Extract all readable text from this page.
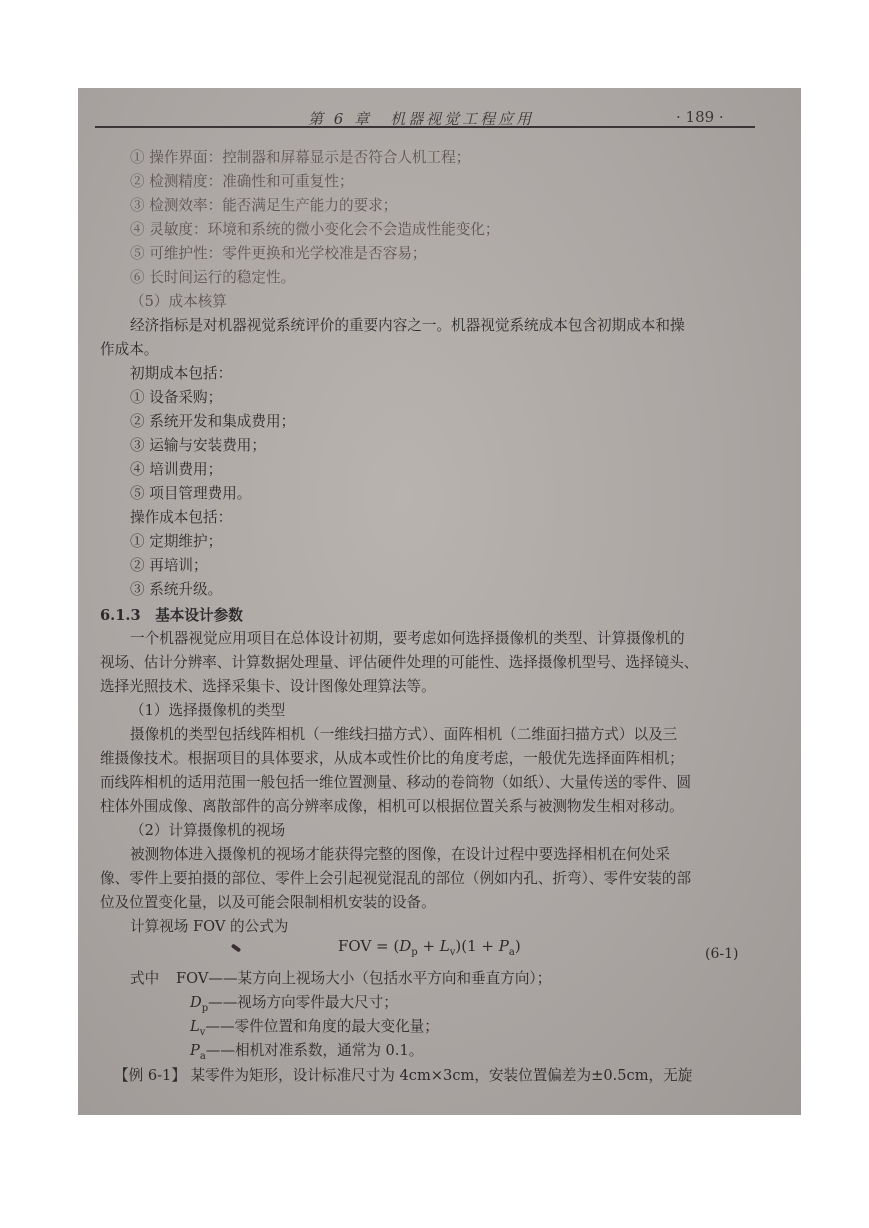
第 6 章　机器视觉工程应用	· 189 ·
① 操作界面：控制器和屏幕显示是否符合人机工程；
② 检测精度：准确性和可重复性；
③ 检测效率：能否满足生产能力的要求；
④ 灵敏度：环境和系统的微小变化会不会造成性能变化；
⑤ 可维护性：零件更换和光学校准是否容易；
⑥ 长时间运行的稳定性。
（5）成本核算
经济指标是对机器视觉系统评价的重要内容之一。机器视觉系统成本包含初期成本和操
作成本。
初期成本包括：
① 设备采购；
② 系统开发和集成费用；
③ 运输与安装费用；
④ 培训费用；
⑤ 项目管理费用。
操作成本包括：
① 定期维护；
② 再培训；
③ 系统升级。
6.1.3　基本设计参数
一个机器视觉应用项目在总体设计初期，要考虑如何选择摄像机的类型、计算摄像机的
视场、估计分辨率、计算数据处理量、评估硬件处理的可能性、选择摄像机型号、选择镜头、
选择光照技术、选择采集卡、设计图像处理算法等。
（1）选择摄像机的类型
摄像机的类型包括线阵相机（一维线扫描方式）、面阵相机（二维面扫描方式）以及三
维摄像技术。根据项目的具体要求，从成本或性价比的角度考虑，一般优先选择面阵相机；
而线阵相机的适用范围一般包括一维位置测量、移动的卷筒物（如纸）、大量传送的零件、圆
柱体外围成像、离散部件的高分辨率成像，相机可以根据位置关系与被测物发生相对移动。
（2）计算摄像机的视场
被测物体进入摄像机的视场才能获得完整的图像，在设计过程中要选择相机在何处采
像、零件上要拍摄的部位、零件上会引起视觉混乱的部位（例如内孔、折弯）、零件安装的部
位及位置变化量，以及可能会限制相机安装的设备。
计算视场 FOV 的公式为
FOV = $(D_p + L_v)(1 + P_a)$	(6-1)
式中 FOV——某方向上视场大小（包括水平方向和垂直方向）；
$D_p——$视场方向零件最大尺寸；
$L_v——$零件位置和角度的最大变化量；
$P_a——$相机对准系数，通常为 0.1。
【例 6-1】 某零件为矩形，设计标准尺寸为 4cm×3cm，安装位置偏差为±0.5cm，无旋
